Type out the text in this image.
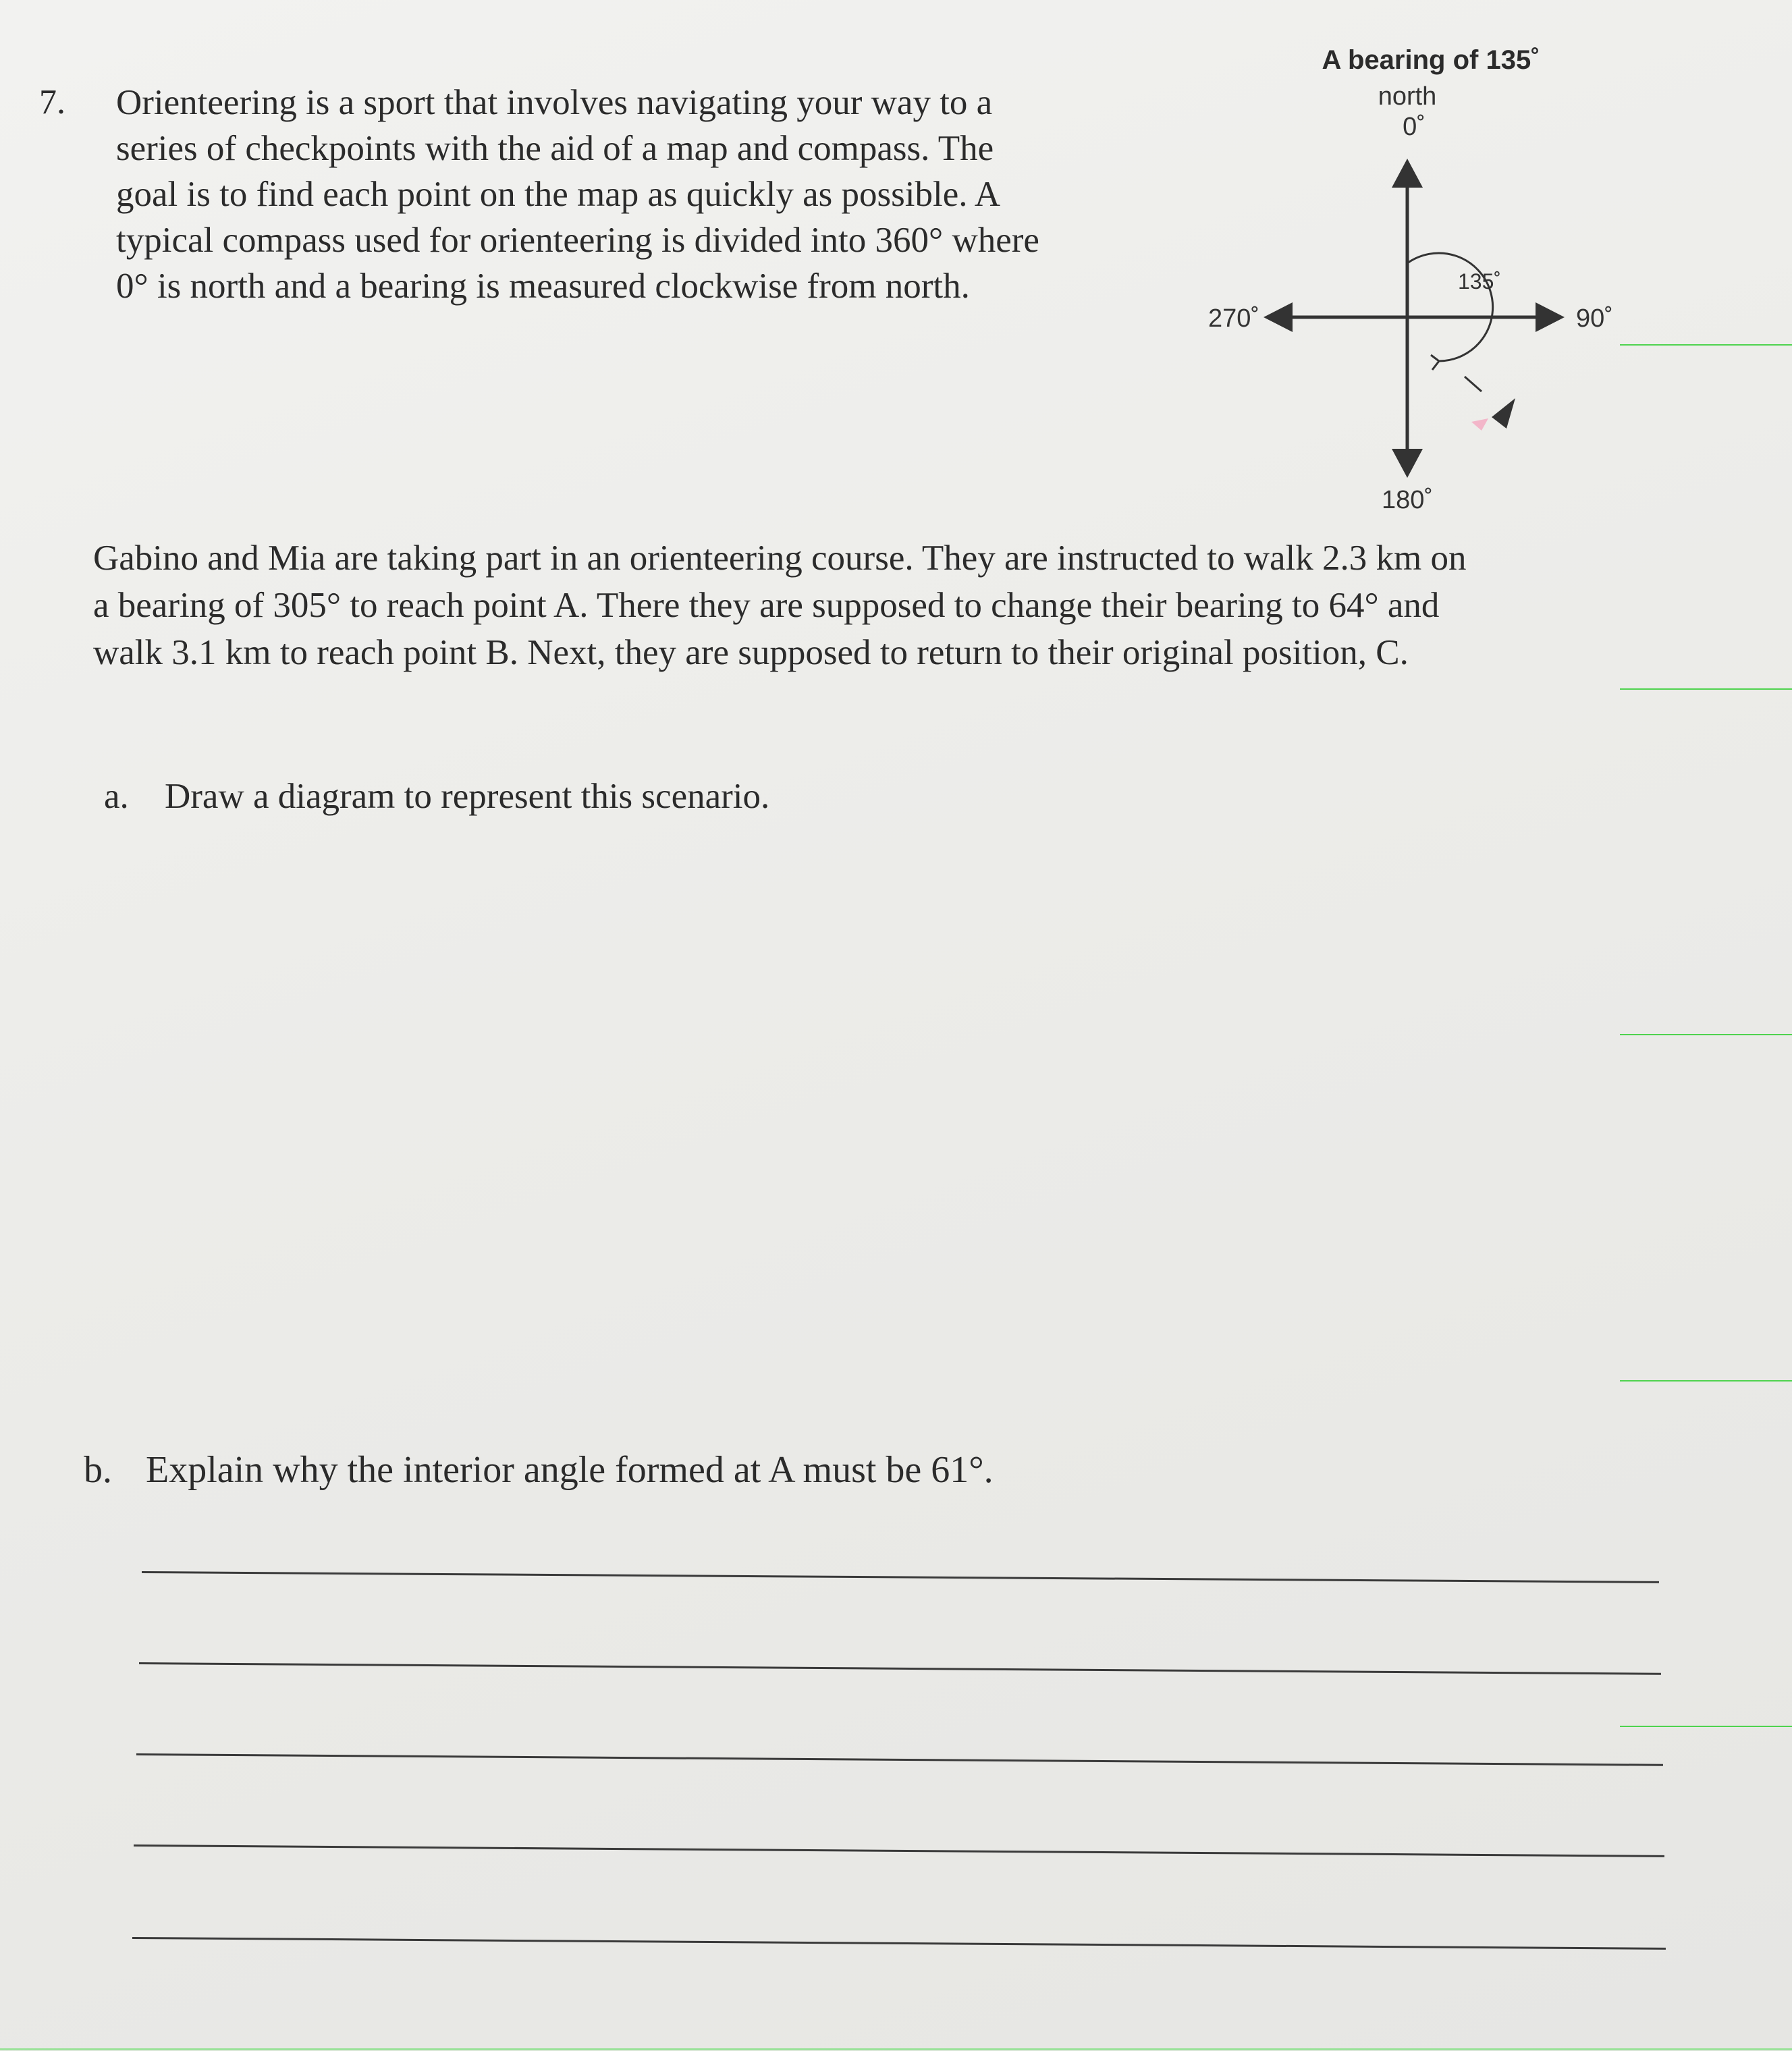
7. Orienteering is a sport that involves navigating your way to a
series of checkpoints with the aid of a map and compass. The
goal is to find each point on the map as quickly as possible. A
typical compass used for orienteering is divided into 360° where
0° is north and a bearing is measured clockwise from north.

A bearing of 135˚
north
0˚
90˚
180˚
270˚
135˚

Gabino and Mia are taking part in an orienteering course. They are instructed to walk 2.3 km on
a bearing of 305° to reach point A. There they are supposed to change their bearing to 64° and
walk 3.1 km to reach point B. Next, they are supposed to return to their original position, C.

a. Draw a diagram to represent this scenario.
b. Explain why the interior angle formed at A must be 61°.
